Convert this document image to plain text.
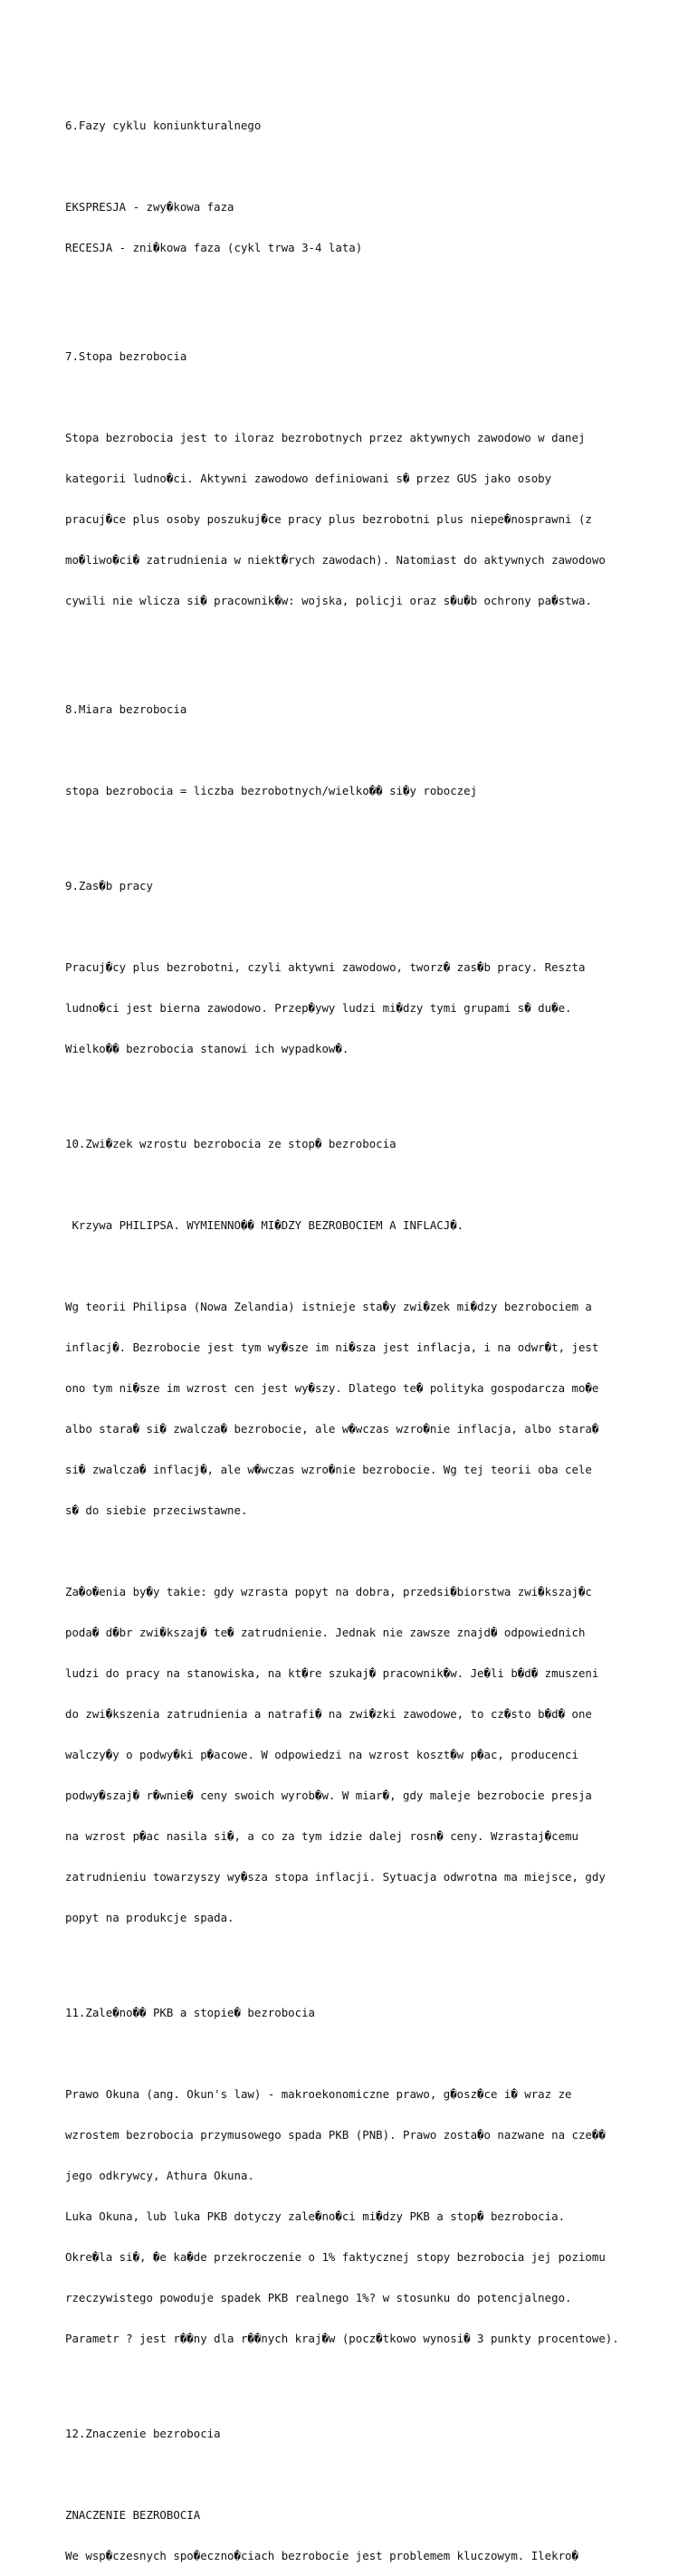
6.Fazy cyklu koniunkturalnego

EKSPRESJA - zwy�kowa faza

RECESJA - zni�kowa faza (cykl trwa 3-4 lata)

7.Stopa bezrobocia

Stopa bezrobocia jest to iloraz bezrobotnych przez aktywnych zawodowo w danej

kategorii ludno�ci. Aktywni zawodowo definiowani s� przez GUS jako osoby

pracuj�ce plus osoby poszukuj�ce pracy plus bezrobotni plus niepe�nosprawni (z

mo�liwo�ci� zatrudnienia w niekt�rych zawodach). Natomiast do aktywnych zawodowo

cywili nie wlicza si� pracownik�w: wojska, policji oraz s�u�b ochrony pa�stwa.

8.Miara bezrobocia

stopa bezrobocia = liczba bezrobotnych/wielko�� si�y roboczej

9.Zas�b pracy

Pracuj�cy plus bezrobotni, czyli aktywni zawodowo, tworz� zas�b pracy. Reszta

ludno�ci jest bierna zawodowo. Przep�ywy ludzi mi�dzy tymi grupami s� du�e.

Wielko�� bezrobocia stanowi ich wypadkow�.

10.Zwi�zek wzrostu bezrobocia ze stop� bezrobocia

Krzywa PHILIPSA. WYMIENNO�� MI�DZY BEZROBOCIEM A INFLACJ�.

Wg teorii Philipsa (Nowa Zelandia) istnieje sta�y zwi�zek mi�dzy bezrobociem a

inflacj�. Bezrobocie jest tym wy�sze im ni�sza jest inflacja, i na odwr�t, jest

ono tym ni�sze im wzrost cen jest wy�szy. Dlatego te� polityka gospodarcza mo�e

albo stara� si� zwalcza� bezrobocie, ale w�wczas wzro�nie inflacja, albo stara�

si� zwalcza� inflacj�, ale w�wczas wzro�nie bezrobocie. Wg tej teorii oba cele

s� do siebie przeciwstawne.

Za�o�enia by�y takie: gdy wzrasta popyt na dobra, przedsi�biorstwa zwi�kszaj�c

poda� d�br zwi�kszaj� te� zatrudnienie. Jednak nie zawsze znajd� odpowiednich

ludzi do pracy na stanowiska, na kt�re szukaj� pracownik�w. Je�li b�d� zmuszeni

do zwi�kszenia zatrudnienia a natrafi� na zwi�zki zawodowe, to cz�sto b�d� one

walczy�y o podwy�ki p�acowe. W odpowiedzi na wzrost koszt�w p�ac, producenci

podwy�szaj� r�wnie� ceny swoich wyrob�w. W miar�, gdy maleje bezrobocie presja

na wzrost p�ac nasila si�, a co za tym idzie dalej rosn� ceny. Wzrastaj�cemu

zatrudnieniu towarzyszy wy�sza stopa inflacji. Sytuacja odwrotna ma miejsce, gdy

popyt na produkcje spada.

11.Zale�no�� PKB a stopie� bezrobocia

Prawo Okuna (ang. Okun's law) - makroekonomiczne prawo, g�osz�ce i� wraz ze

wzrostem bezrobocia przymusowego spada PKB (PNB). Prawo zosta�o nazwane na cze��

jego odkrywcy, Athura Okuna.

Luka Okuna, lub luka PKB dotyczy zale�no�ci mi�dzy PKB a stop� bezrobocia.

Okre�la si�, �e ka�de przekroczenie o 1% faktycznej stopy bezrobocia jej poziomu

rzeczywistego powoduje spadek PKB realnego 1%? w stosunku do potencjalnego.

Parametr ? jest r��ny dla r��nych kraj�w (pocz�tkowo wynosi� 3 punkty procentowe).

12.Znaczenie bezrobocia

ZNACZENIE BEZROBOCIA

We wsp�czesnych spo�eczno�ciach bezrobocie jest problemem kluczowym. Ilekro�
